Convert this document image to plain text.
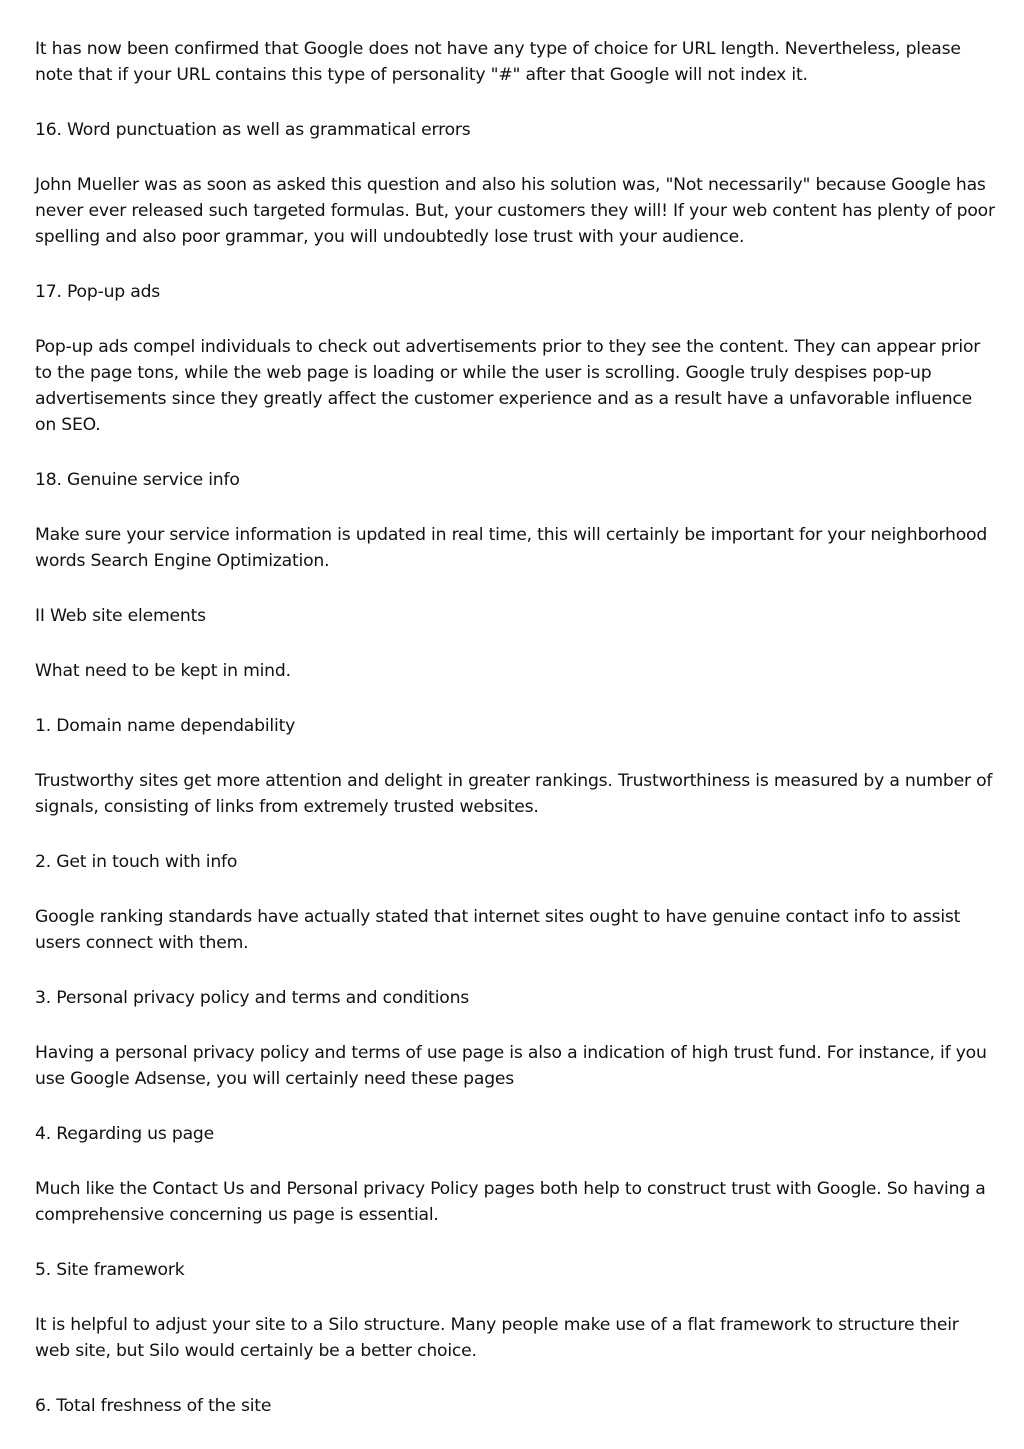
It has now been confirmed that Google does not have any type of choice for URL length. Nevertheless, please note that if your URL contains this type of personality "#" after that Google will not index it.

16. Word punctuation as well as grammatical errors

John Mueller was as soon as asked this question and also his solution was, "Not necessarily" because Google has never ever released such targeted formulas. But, your customers they will! If your web content has plenty of poor spelling and also poor grammar, you will undoubtedly lose trust with your audience.

17. Pop-up ads

Pop-up ads compel individuals to check out advertisements prior to they see the content. They can appear prior to the page tons, while the web page is loading or while the user is scrolling. Google truly despises pop-up advertisements since they greatly affect the customer experience and as a result have a unfavorable influence on SEO.

18. Genuine service info

Make sure your service information is updated in real time, this will certainly be important for your neighborhood words Search Engine Optimization.

II Web site elements

What need to be kept in mind.

1. Domain name dependability

Trustworthy sites get more attention and delight in greater rankings. Trustworthiness is measured by a number of signals, consisting of links from extremely trusted websites.

2. Get in touch with info

Google ranking standards have actually stated that internet sites ought to have genuine contact info to assist users connect with them.

3. Personal privacy policy and terms and conditions

Having a personal privacy policy and terms of use page is also a indication of high trust fund. For instance, if you use Google Adsense, you will certainly need these pages

4. Regarding us page

Much like the Contact Us and Personal privacy Policy pages both help to construct trust with Google. So having a comprehensive concerning us page is essential.

5. Site framework

It is helpful to adjust your site to a Silo structure. Many people make use of a flat framework to structure their web site, but Silo would certainly be a better choice.

6. Total freshness of the site
